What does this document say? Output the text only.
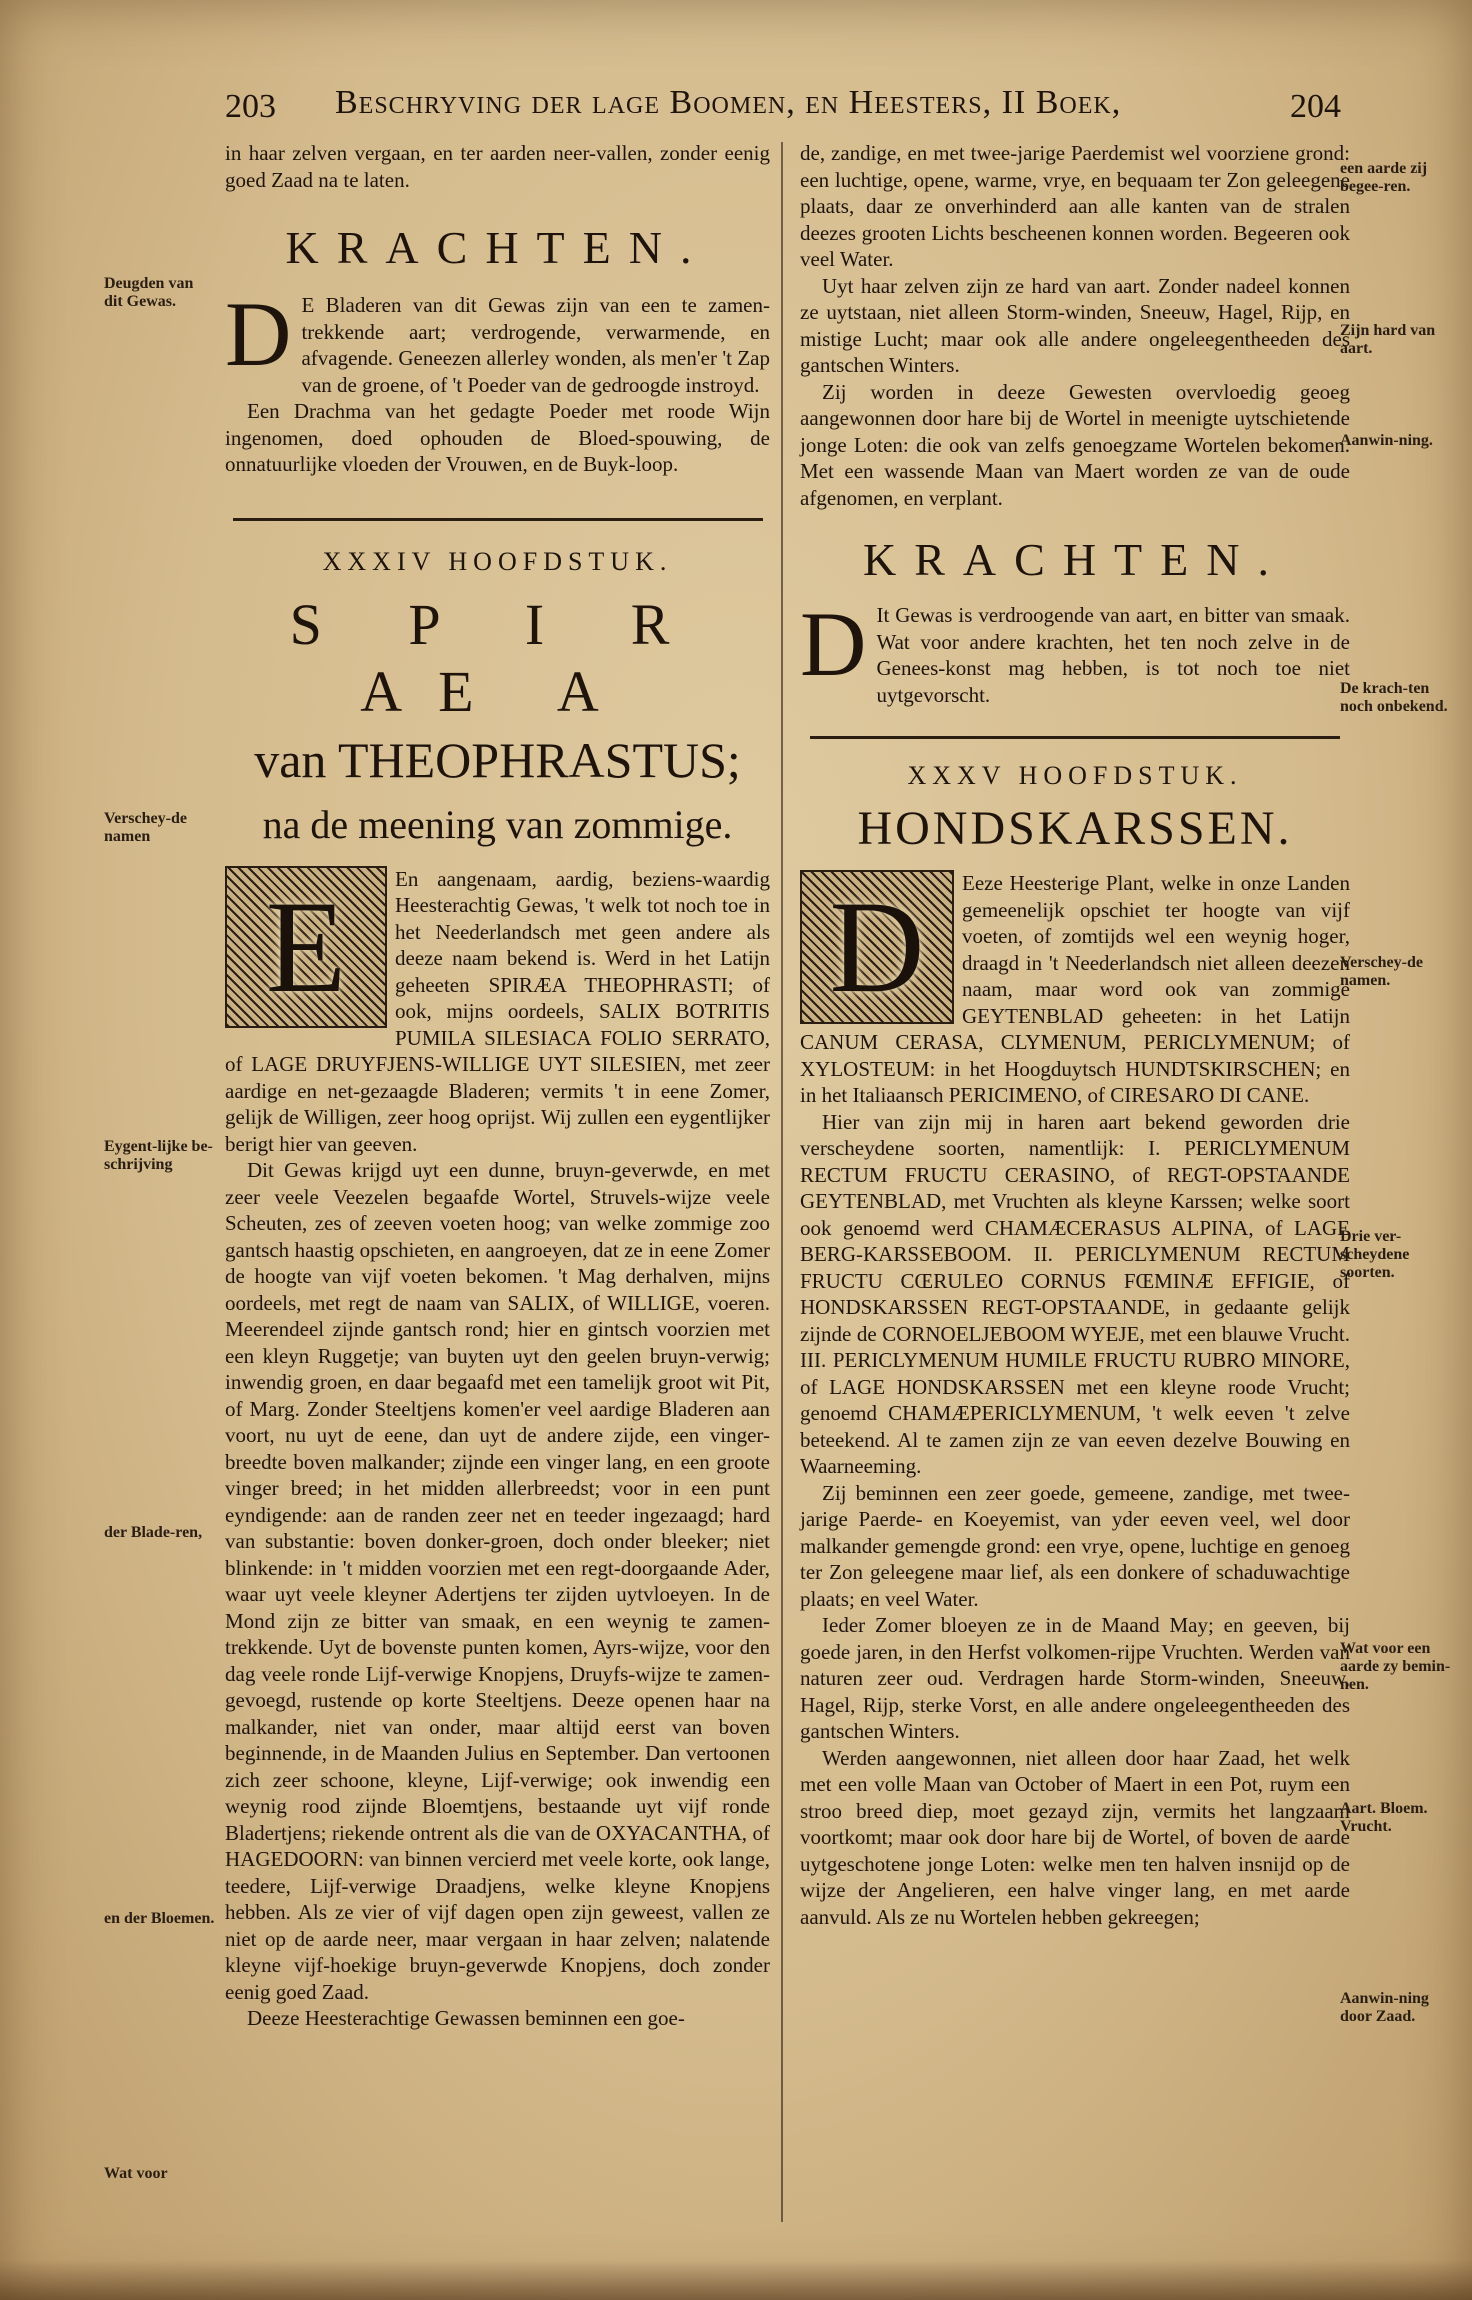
203 Beschryving der lage Boomen, en Heesters, II Boek,	204

in haar zelven vergaan, en ter aarden neer-vallen, zonder eenig goed Zaad na te laten.

KRACHTEN.

D E Bladeren van dit Gewas zijn van een te zamen-trekkende aart; verdrogende, verwarmende, en afvagende. Geneezen allerley wonden, als men'er 't Zap van de groene, of 't Poeder van de gedroogde instroyd.

Een Drachma van het gedagte Poeder met roode Wijn ingenomen, doed ophouden de Bloed-spouwing, de onnatuurlijke vloeden der Vrouwen, en de Buyk-loop.

XXXIV HOOFDSTUK.

S P I R AE A

van THEOPHRASTUS;

na de meening van zommige.

E	En aangenaam, aardig, beziens-waardig Heesterachtig Gewas, 't welk tot noch toe in het Neederlandsch met geen andere als deeze naam bekend is. Werd in het Latijn geheeten SPIRÆA THEOPHRASTI; of ook, mijns oordeels, SALIX BOTRITIS PUMILA SILESIACA FOLIO SERRATO, of LAGE DRUYFJENS-WILLIGE UYT SILESIEN, met zeer aardige en net-gezaagde Bladeren; vermits 't in eene Zomer, gelijk de Willigen, zeer hoog oprijst. Wij zullen een eygentlijker berigt hier van geeven.

Dit Gewas krijgd uyt een dunne, bruyn-geverwde, en met zeer veele Veezelen begaafde Wortel, Struvels-wijze veele Scheuten, zes of zeeven voeten hoog; van welke zommige zoo gantsch haastig opschieten, en aangroeyen, dat ze in eene Zomer de hoogte van vijf voeten bekomen. 't Mag derhalven, mijns oordeels, met regt de naam van SALIX, of WILLIGE, voeren. Meerendeel zijnde gantsch rond; hier en gintsch voorzien met een kleyn Ruggetje; van buyten uyt den geelen bruyn-verwig; inwendig groen, en daar begaafd met een tamelijk groot wit Pit, of Marg. Zonder Steeltjens komen'er veel aardige Bladeren aan voort, nu uyt de eene, dan uyt de andere zijde, een vinger-breedte boven malkander; zijnde een vinger lang, en een groote vinger breed; in het midden allerbreedst; voor in een punt eyndigende: aan de randen zeer net en teeder ingezaagd; hard van substantie: boven donker-groen, doch onder bleeker; niet blinkende: in 't midden voorzien met een regt-doorgaande Ader, waar uyt veele kleyner Adertjens ter zijden uytvloeyen. In de Mond zijn ze bitter van smaak, en een weynig te zamen-trekkende. Uyt de bovenste punten komen, Ayrs-wijze, voor den dag veele ronde Lijf-verwige Knopjens, Druyfs-wijze te zamen-gevoegd, rustende op korte Steeltjens. Deeze openen haar na malkander, niet van onder, maar altijd eerst van boven beginnende, in de Maanden Julius en September. Dan vertoonen zich zeer schoone, kleyne, Lijf-verwige; ook inwendig een weynig rood zijnde Bloemtjens, bestaande uyt vijf ronde Bladertjens; riekende ontrent als die van de OXYACANTHA, of HAGEDOORN: van binnen vercierd met veele korte, ook lange, teedere, Lijf-verwige Draadjens, welke kleyne Knopjens hebben. Als ze vier of vijf dagen open zijn geweest, vallen ze niet op de aarde neer, maar vergaan in haar zelven; nalatende kleyne vijf-hoekige bruyn-geverwde Knopjens, doch zonder eenig goed Zaad.

Deeze Heesterachtige Gewassen beminnen een goe-

de, zandige, en met twee-jarige Paerdemist wel voorziene grond: een luchtige, opene, warme, vrye, en bequaam ter Zon geleegene plaats, daar ze onverhinderd aan alle kanten van de stralen deezes grooten Lichts bescheenen konnen worden. Begeeren ook veel Water.

Uyt haar zelven zijn ze hard van aart. Zonder nadeel konnen ze uytstaan, niet alleen Storm-winden, Sneeuw, Hagel, Rijp, en mistige Lucht; maar ook alle andere ongeleegentheeden des gantschen Winters.

Zij worden in deeze Gewesten overvloedig geoeg aangewonnen door hare bij de Wortel in meenigte uytschietende jonge Loten: die ook van zelfs genoegzame Wortelen bekomen. Met een wassende Maan van Maert worden ze van de oude afgenomen, en verplant.

KRACHTEN.

D It Gewas is verdroogende van aart, en bitter van smaak. Wat voor andere krachten, het ten noch zelve in de Genees-konst mag hebben, is tot noch toe niet uytgevorscht.

XXXV HOOFDSTUK.

HONDSKARSSEN.

D	Eeze Heesterige Plant, welke in onze Landen gemeenelijk opschiet ter hoogte van vijf voeten, of zomtijds wel een weynig hoger, draagd in 't Neederlandsch niet alleen deezen naam, maar word ook van zommige GEYTENBLAD geheeten: in het Latijn CANUM CERASA, CLYMENUM, PERICLYMENUM; of XYLOSTEUM: in het Hoogduytsch HUNDTSKIRSCHEN; en in het Italiaansch PERICIMENO, of CIRESARO DI CANE.

Hier van zijn mij in haren aart bekend geworden drie verscheydene soorten, namentlijk: I. PERICLYMENUM RECTUM FRUCTU CERASINO, of REGT-OPSTAANDE GEYTENBLAD, met Vruchten als kleyne Karssen; welke soort ook genoemd werd CHAMÆCERASUS ALPINA, of LAGE BERG-KARSSEBOOM. II. PERICLYMENUM RECTUM FRUCTU CŒRULEO CORNUS FŒMINÆ EFFIGIE, of HONDSKARSSEN REGT-OPSTAANDE, in gedaante gelijk zijnde de CORNOELJEBOOM WYEJE, met een blauwe Vrucht. III. PERICLYMENUM HUMILE FRUCTU RUBRO MINORE, of LAGE HONDSKARSSEN met een kleyne roode Vrucht; genoemd CHAMÆPERICLYMENUM, 't welk eeven 't zelve beteekend. Al te zamen zijn ze van eeven dezelve Bouwing en Waarneeming.

Zij beminnen een zeer goede, gemeene, zandige, met twee-jarige Paerde- en Koeyemist, van yder eeven veel, wel door malkander gemengde grond: een vrye, opene, luchtige en genoeg ter Zon geleegene maar lief, als een donkere of schaduwachtige plaats; en veel Water.

Ieder Zomer bloeyen ze in de Maand May; en geeven, bij goede jaren, in den Herfst volkomen-rijpe Vruchten. Werden van naturen zeer oud. Verdragen harde Storm-winden, Sneeuw, Hagel, Rijp, sterke Vorst, en alle andere ongeleegentheeden des gantschen Winters.

Werden aangewonnen, niet alleen door haar Zaad, het welk met een volle Maan van October of Maert in een Pot, ruym een stroo breed diep, moet gezayd zijn, vermits het langzaam voortkomt; maar ook door hare bij de Wortel, of boven de aarde uytgeschotene jonge Loten: welke men ten halven insnijd op de wijze der Angelieren, een halve vinger lang, en met aarde aanvuld. Als ze nu Wortelen hebben gekreegen;

Deugden van dit Gewas.
Verschey-de namen
Eygent-lijke be-schrijving
der Blade-ren,
en der Bloemen.
Wat voor
een aarde zij begee-ren.
Zijn hard van aart.
Aanwin-ning.
De krach-ten noch onbekend.
Verschey-de namen.
Drie ver-scheydene soorten.
Wat voor een aarde zy bemin-nen.
Aart. Bloem. Vrucht.
Aanwin-ning door Zaad.
